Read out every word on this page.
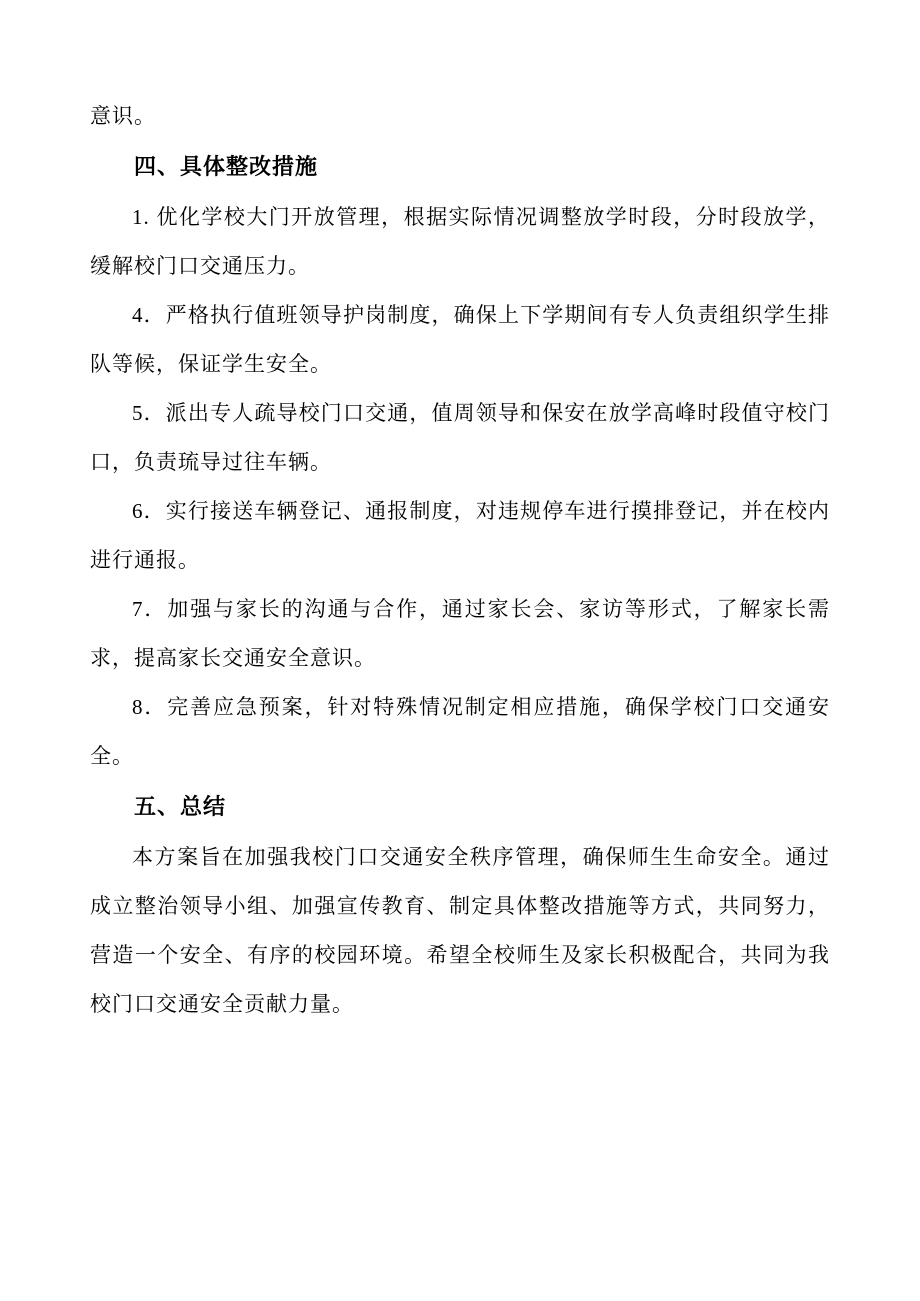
意识。

四、具体整改措施

1. 优化学校大门开放管理，根据实际情况调整放学时段，分时段放学，缓解校门口交通压力。

4．严格执行值班领导护岗制度，确保上下学期间有专人负责组织学生排队等候，保证学生安全。

5．派出专人疏导校门口交通，值周领导和保安在放学高峰时段值守校门口，负责琉导过往车辆。

6．实行接送车辆登记、通报制度，对违规停车进行摸排登记，并在校内进行通报。

7．加强与家长的沟通与合作，通过家长会、家访等形式，了解家长需求，提高家长交通安全意识。

8．完善应急预案，针对特殊情况制定相应措施，确保学校门口交通安全。

五、总结

本方案旨在加强我校门口交通安全秩序管理，确保师生生命安全。通过成立整治领导小组、加强宣传教育、制定具体整改措施等方式，共同努力，营造一个安全、有序的校园环境。希望全校师生及家长积极配合，共同为我校门口交通安全贡献力量。
